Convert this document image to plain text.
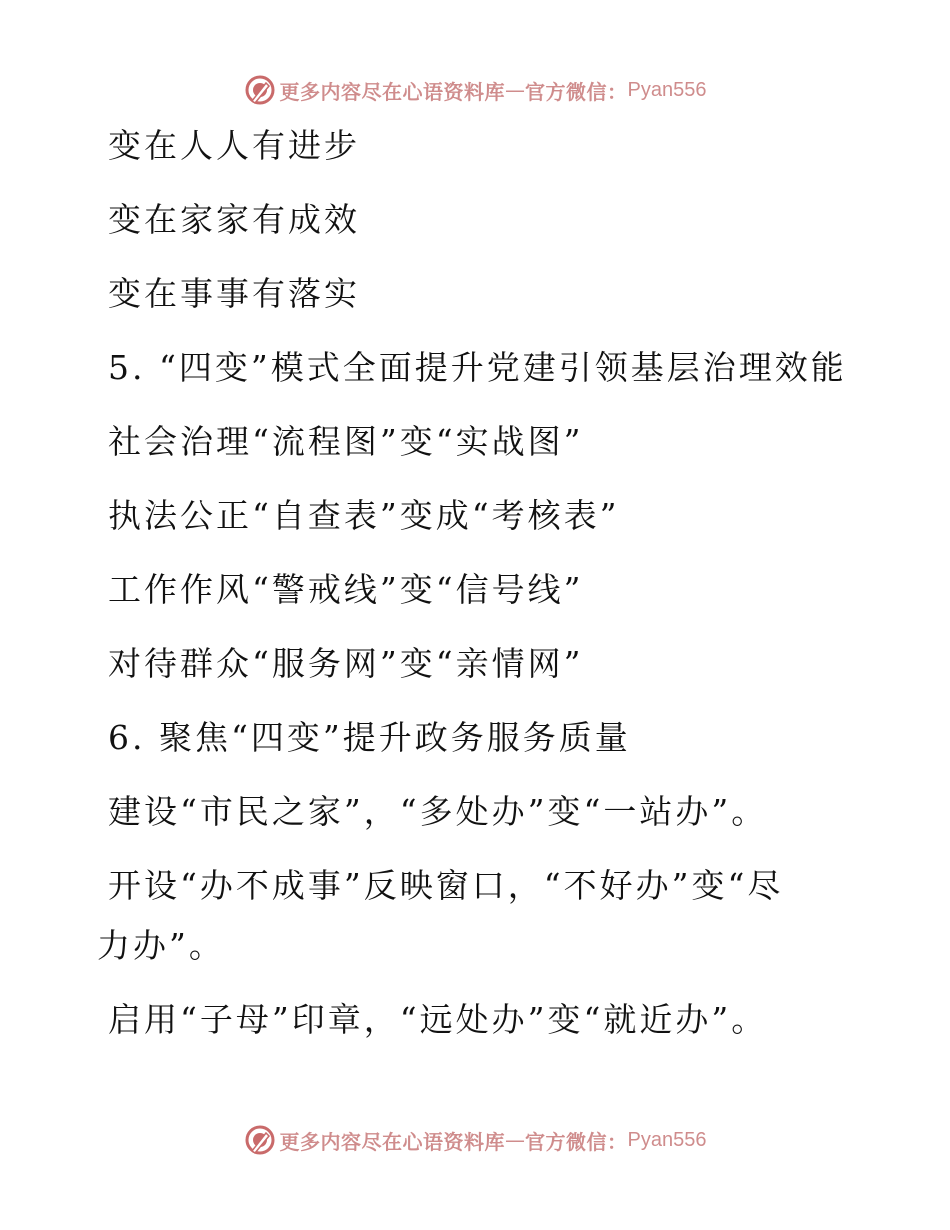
更多内容尽在心语资料库 — 官方微信： Pyan556
变在人人有进步
变在家家有成效
变在事事有落实
5. “四变”模式全面提升党建引领基层治理效能
社会治理“流程图”变“实战图”
执法公正“自查表”变成“考核表”
工作作风“警戒线”变“信号线”
对待群众“服务网”变“亲情网”
6. 聚焦“四变”提升政务服务质量
建设“市民之家”，“多处办”变“一站办”。
开设“办不成事”反映窗口，“不好办”变“尽
力办”。
启用“子母”印章，“远处办”变“就近办”。
更多内容尽在心语资料库 — 官方微信： Pyan556
